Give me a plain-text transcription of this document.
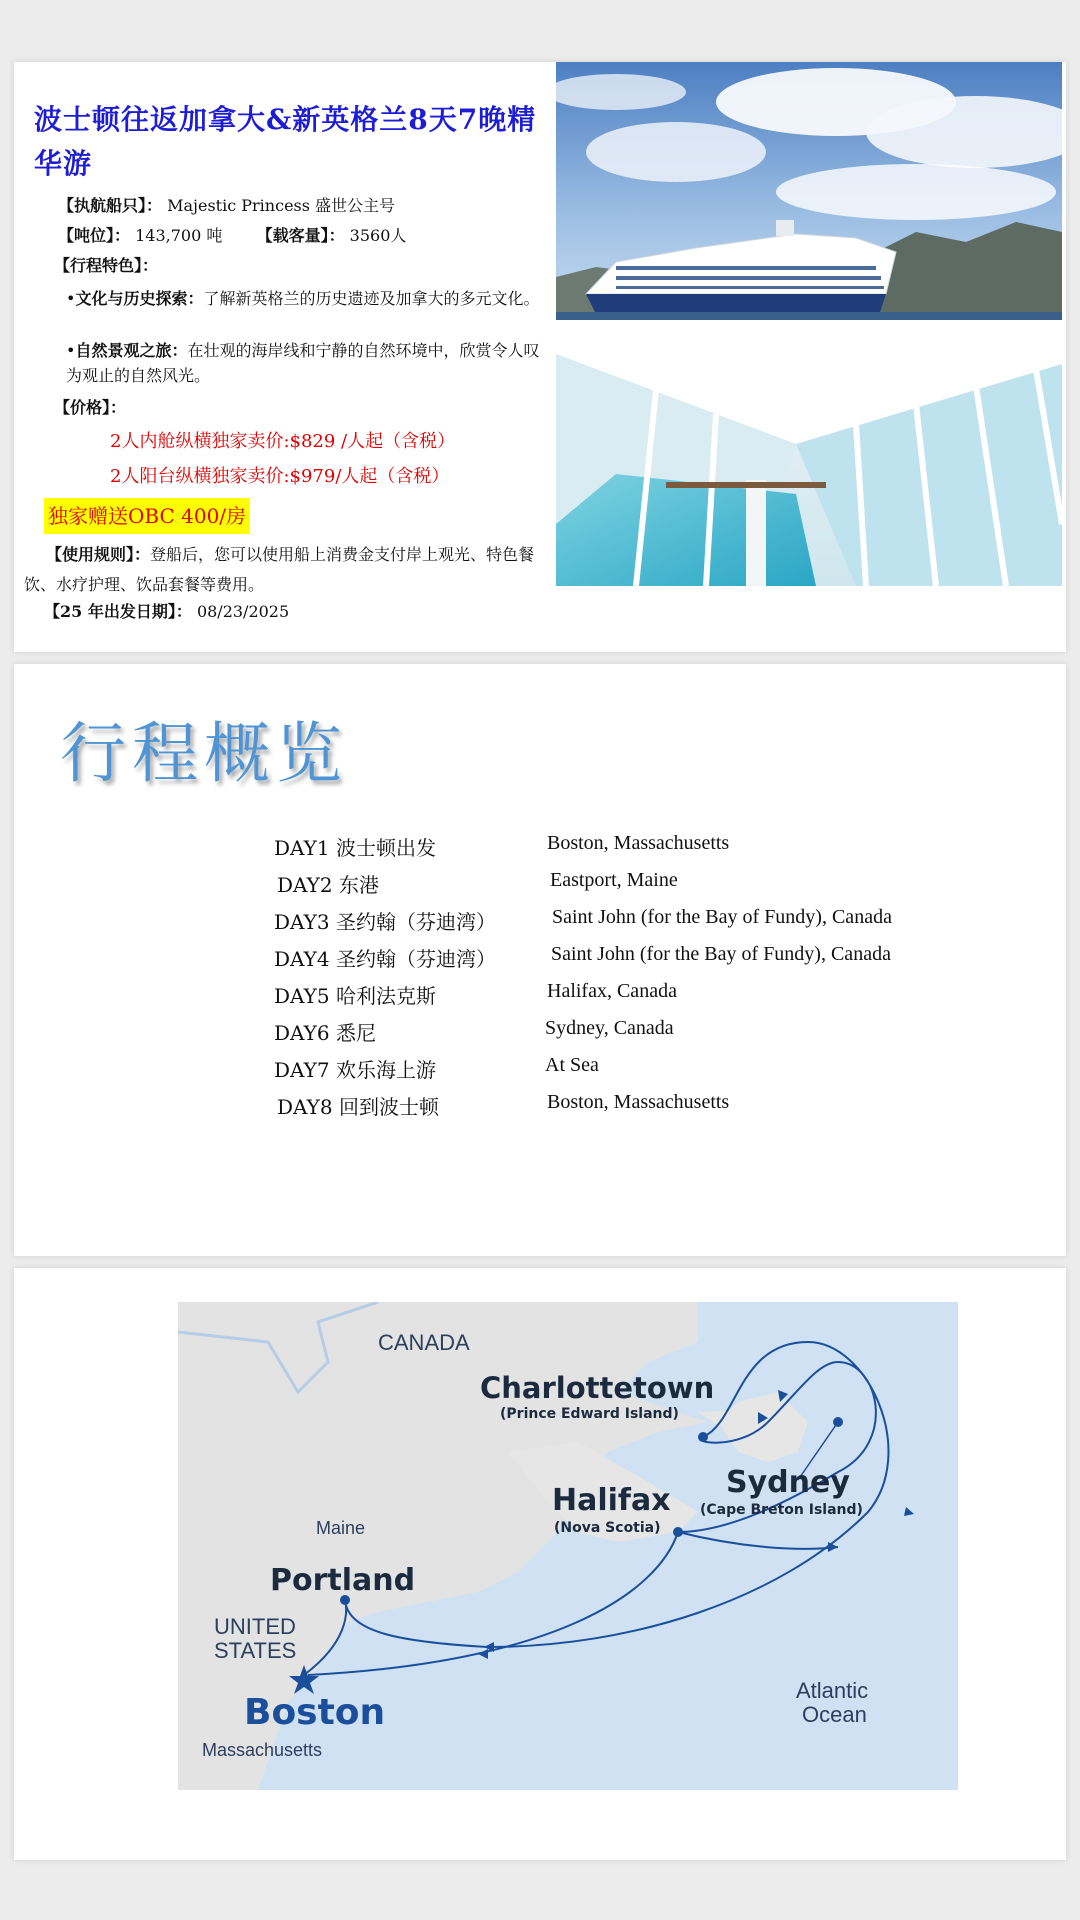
波士顿往返加拿大&新英格兰8天7晚精华游
【执航船只】： Majestic Princess 盛世公主号
【吨位】： 143,700 吨 【载客量】： 3560人
【行程特色】：
•文化与历史探索：了解新英格兰的历史遗迹及加拿大的多元文化。
•自然景观之旅：在壮观的海岸线和宁静的自然环境中，欣赏令人叹为观止的自然风光。
【价格】：
2人内舱纵横独家卖价:$829 /人起（含税）
2人阳台纵横独家卖价:$979/人起（含税）
独家赠送OBC 400/房
【使用规则】：登船后，您可以使用船上消费金支付岸上观光、特色餐饮、水疗护理、饮品套餐等费用。
【25 年出发日期】： 08/23/2025
行程概览
DAY1 波士顿出发	Boston, Massachusetts
DAY2 东港	Eastport, Maine
DAY3 圣约翰（芬迪湾）	Saint John (for the Bay of Fundy), Canada
DAY4 圣约翰（芬迪湾）	Saint John (for the Bay of Fundy), Canada
DAY5 哈利法克斯	Halifax, Canada
DAY6 悉尼	Sydney, Canada
DAY7 欢乐海上游	At Sea
DAY8 回到波士顿	Boston, Massachusetts
CANADA
Charlottetown
(Prince Edward Island)
Sydney
(Cape Breton Island)
Halifax
(Nova Scotia)
Maine
Portland
UNITED
STATES
Boston
Massachusetts
Atlantic
Ocean
